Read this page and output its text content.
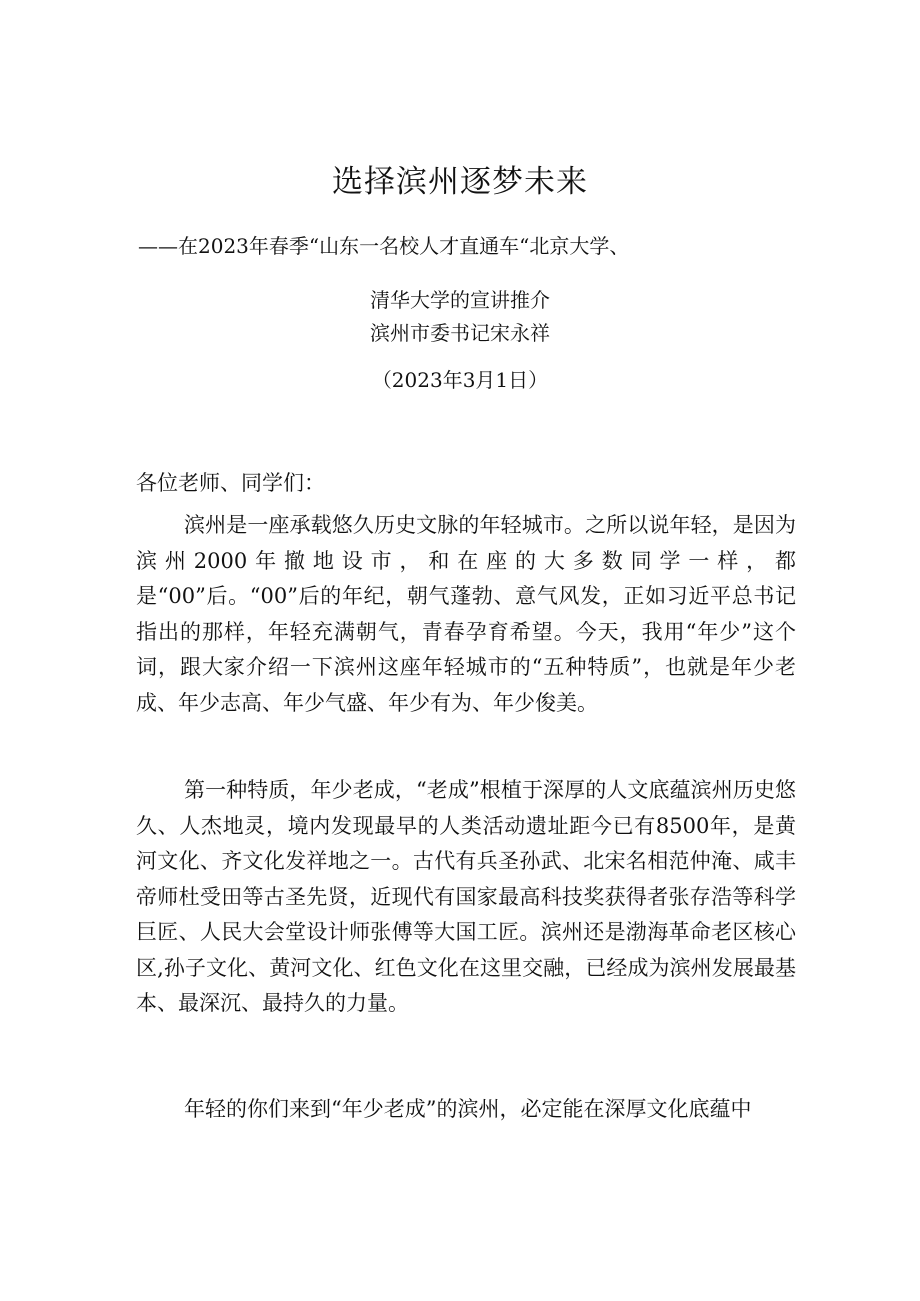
选择滨州逐梦未来
——在2023年春季“山东一名校人才直通车“北京大学、
清华大学的宣讲推介
滨州市委书记宋永祥
（2023年3月1日）

各位老师、同学们：

滨州是一座承载悠久历史文脉的年轻城市。之所以说年轻，是因为滨州2000年撤地设市，和在座的大多数同学一样，都是“00”后。“00”后的年纪，朝气蓬勃、意气风发，正如习近平总书记指出的那样，年轻充满朝气，青春孕育希望。今天，我用“年少”这个词，跟大家介绍一下滨州这座年轻城市的“五种特质”，也就是年少老成、年少志高、年少气盛、年少有为、年少俊美。

第一种特质，年少老成，“老成”根植于深厚的人文底蕴滨州历史悠久、人杰地灵，境内发现最早的人类活动遗址距今已有8500年，是黄河文化、齐文化发祥地之一。古代有兵圣孙武、北宋名相范仲淹、咸丰帝师杜受田等古圣先贤，近现代有国家最高科技奖获得者张存浩等科学巨匠、人民大会堂设计师张傅等大国工匠。滨州还是渤海革命老区核心区,孙子文化、黄河文化、红色文化在这里交融，已经成为滨州发展最基本、最深沉、最持久的力量。

年轻的你们来到“年少老成”的滨州，必定能在深厚文化底蕴中
